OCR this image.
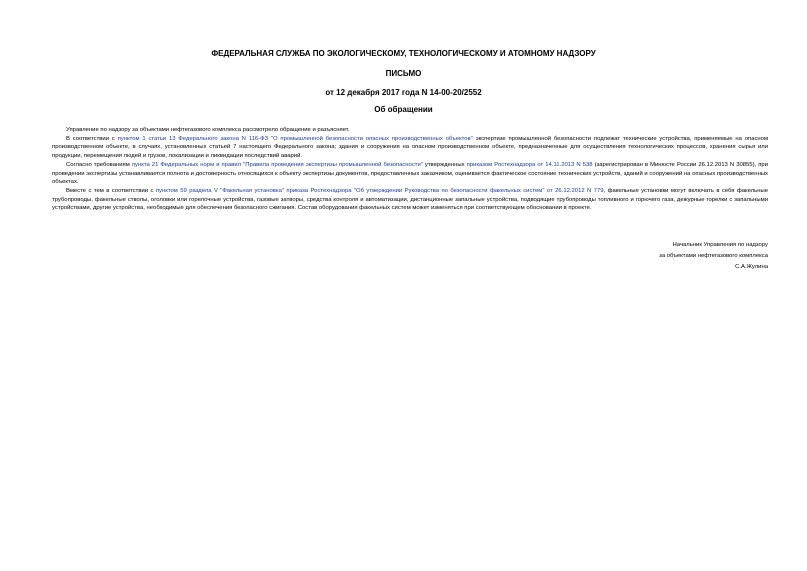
ФЕДЕРАЛЬНАЯ СЛУЖБА ПО ЭКОЛОГИЧЕСКОМУ, ТЕХНОЛОГИЧЕСКОМУ И АТОМНОМУ НАДЗОРУ
ПИСЬМО
от 12 декабря 2017 года N 14-00-20/2552
Об обращении

Управление по надзору за объектами нефтегазового комплекса рассмотрело обращение и разъясняет.

В соответствии с пунктом 1 статьи 13 Федерального закона N 116-ФЗ "О промышленной безопасности опасных производственных объектов" экспертизе промышленной безопасности подлежат технические устройства, применяемые на опасном производственном объекте, в случаях, установленных статьей 7 настоящего Федерального закона; здания и сооружения на опасном производственном объекте, предназначенные для осуществления технологических процессов, хранения сырья или продукции, перемещения людей и грузов, локализации и ликвидации последствий аварий.

Согласно требованиям пункта 21 Федеральных норм и правил "Правила проведения экспертизы промышленной безопасности" утвержденных приказом Ростехнадзора от 14.11.2013 N 538 (зарегистрирован в Минюсте России 26.12.2013 N 30855), при проведении экспертизы устанавливается полнота и достоверность относящихся к объекту экспертизы документов, предоставленных заказчиком, оценивается фактическое состояние технических устройств, зданий и сооружений на опасных производственных объектах.

Вместе с тем в соответствии с пунктом 59 раздела V "Факельная установка" приказа Ростехнадзора "Об утверждении Руководства по безопасности факельных систем" от 26.12.2012 N 779, факельные установки могут включать в себя факельные трубопроводы, факельные стволы, оголовки или горелочные устройства, газовые затворы, средства контроля и автоматизации, дистанционные запальные устройства, подводящие трубопроводы топливного и горючего газа, дежурные горелки с запальными устройствами, другие устройства, необходимые для обеспечения безопасного сжигания. Состав оборудования факельных систем может изменяться при соответствующем обосновании в проекте.

Начальник Управления по надзору
за объектами нефтегазового комплекса
С.А.Жулина
